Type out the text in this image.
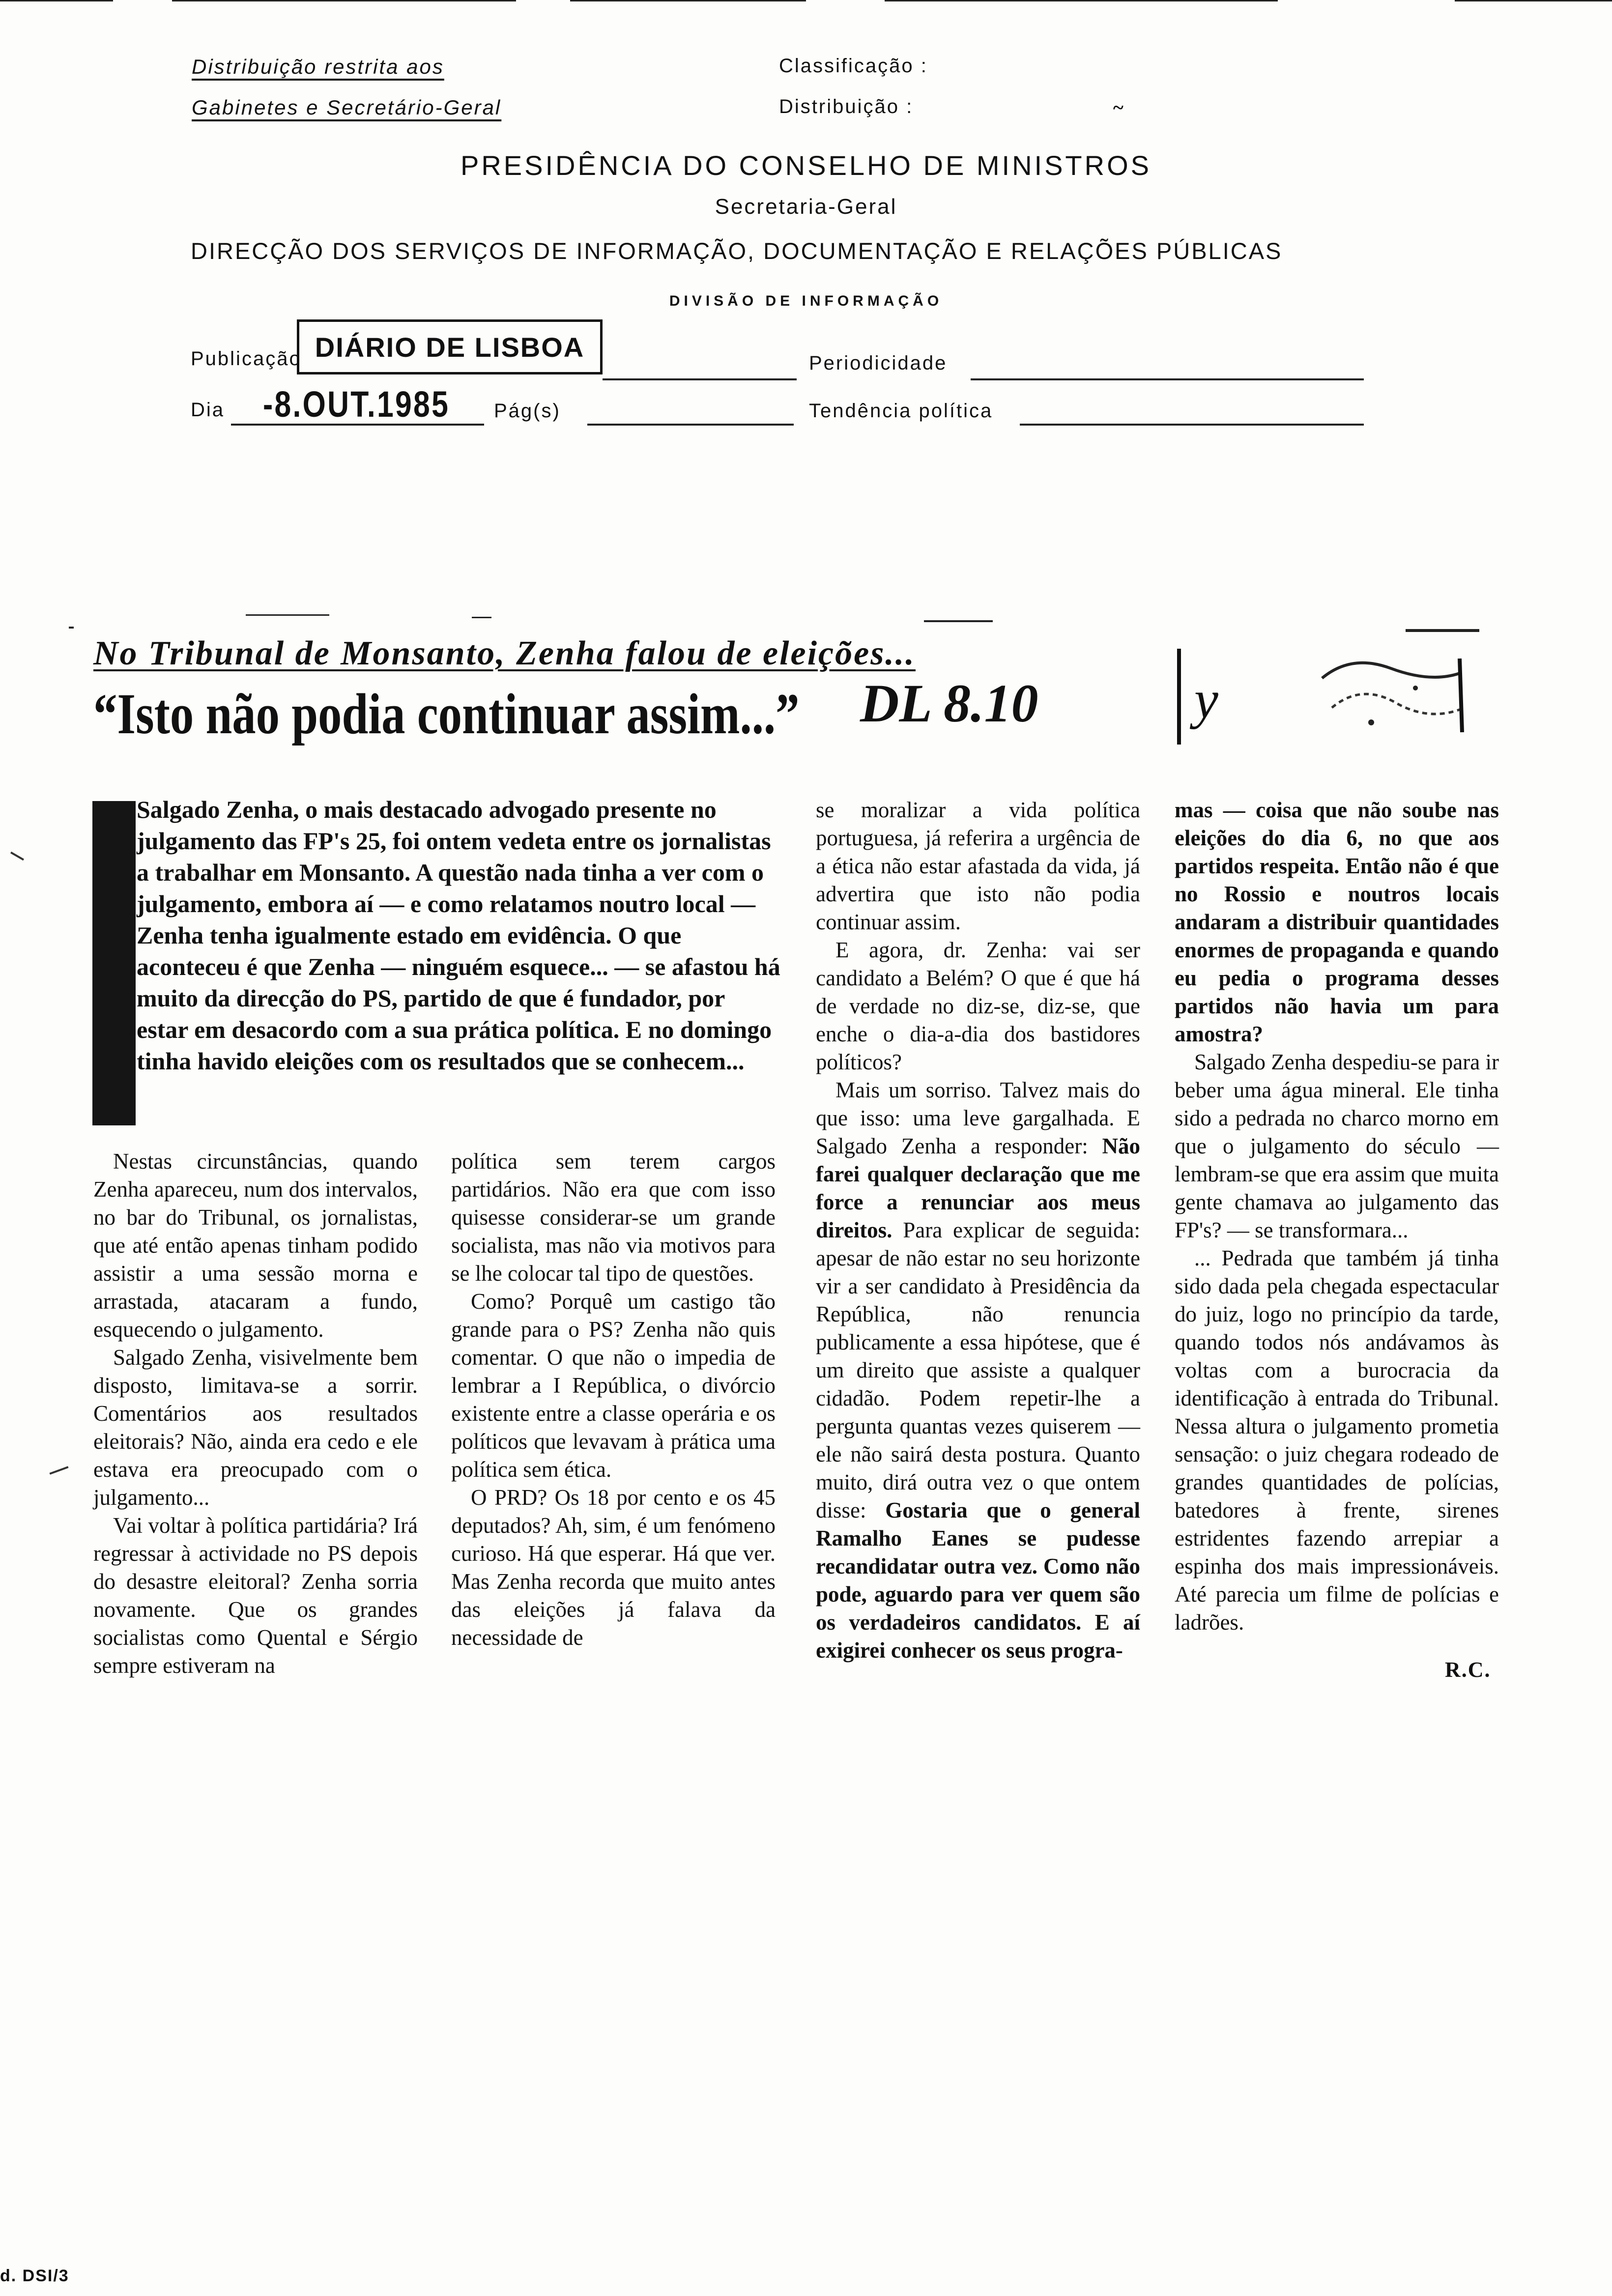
Distribuição restrita aos
Gabinetes e Secretário-Geral
Classificação :
Distribuição :	~
PRESIDÊNCIA DO CONSELHO DE MINISTROS
Secretaria-Geral
DIRECÇÃO DOS SERVIÇOS DE INFORMAÇÃO, DOCUMENTAÇÃO E RELAÇÕES PÚBLICAS
DIVISÃO DE INFORMAÇÃO
Publicação DIÁRIO DE LISBOA
Periodicidade
Dia -8.OUT.1985 Pág(s)	Tendência política
No Tribunal de Monsanto, Zenha falou de eleições...
“Isto não podia continuar assim...” DL 8.10	y
Salgado Zenha, o mais destacado advogado presente no julgamento das FP's 25, foi ontem vedeta entre os jornalistas a trabalhar em Monsanto. A questão nada tinha a ver com o julgamento, embora aí — e como relatamos noutro local — Zenha tenha igualmente estado em evidência. O que aconteceu é que Zenha — ninguém esquece... — se afastou há muito da direcção do PS, partido de que é fundador, por estar em desacordo com a sua prática política. E no domingo tinha havido eleições com os resultados que se conhecem...

Nestas circunstâncias, quando Zenha apareceu, num dos intervalos, no bar do Tribunal, os jornalistas, que até então apenas tinham podido assistir a uma sessão morna e arrastada, atacaram a fundo, esquecendo o julgamento.

Salgado Zenha, visivelmente bem disposto, limitava-se a sorrir. Comentários aos resultados eleitorais? Não, ainda era cedo e ele estava era preocupado com o julgamento...

Vai voltar à política partidária? Irá regressar à actividade no PS depois do desastre eleitoral? Zenha sorria novamente. Que os grandes socialistas como Quental e Sérgio sempre estiveram na

política sem terem cargos partidários. Não era que com isso quisesse considerar-se um grande socialista, mas não via motivos para se lhe colocar tal tipo de questões.

Como? Porquê um castigo tão grande para o PS? Zenha não quis comentar. O que não o impedia de lembrar a I República, o divórcio existente entre a classe operária e os políticos que levavam à prática uma política sem ética.

O PRD? Os 18 por cento e os 45 deputados? Ah, sim, é um fenómeno curioso. Há que esperar. Há que ver. Mas Zenha recorda que muito antes das eleições já falava da necessidade de

se moralizar a vida política portuguesa, já referira a urgência de a ética não estar afastada da vida, já advertira que isto não podia continuar assim.

E agora, dr. Zenha: vai ser candidato a Belém? O que é que há de verdade no diz-se, diz-se, que enche o dia-a-dia dos bastidores políticos?

Mais um sorriso. Talvez mais do que isso: uma leve gargalhada. E Salgado Zenha a responder: Não farei qualquer declaração que me force a renunciar aos meus direitos. Para explicar de seguida: apesar de não estar no seu horizonte vir a ser candidato à Presidência da República, não renuncia publicamente a essa hipótese, que é um direito que assiste a qualquer cidadão. Podem repetir-lhe a pergunta quantas vezes quiserem — ele não sairá desta postura. Quanto muito, dirá outra vez o que ontem disse: Gostaria que o general Ramalho Eanes se pudesse recandidatar outra vez. Como não pode, aguardo para ver quem são os verdadeiros candidatos. E aí exigirei conhecer os seus progra-

mas — coisa que não soube nas eleições do dia 6, no que aos partidos respeita. Então não é que no Rossio e noutros locais andaram a distribuir quantidades enormes de propaganda e quando eu pedia o programa desses partidos não havia um para amostra?

Salgado Zenha despediu-se para ir beber uma água mineral. Ele tinha sido a pedrada no charco morno em que o julgamento do século — lembram-se que era assim que muita gente chamava ao julgamento das FP's? — se transformara...

... Pedrada que também já tinha sido dada pela chegada espectacular do juiz, logo no princípio da tarde, quando todos nós andávamos às voltas com a burocracia da identificação à entrada do Tribunal. Nessa altura o julgamento prometia sensação: o juiz chegara rodeado de grandes quantidades de polícias, batedores à frente, sirenes estridentes fazendo arrepiar a espinha dos mais impressionáveis. Até parecia um filme de polícias e ladrões.

R.C.
d. DSI/3
